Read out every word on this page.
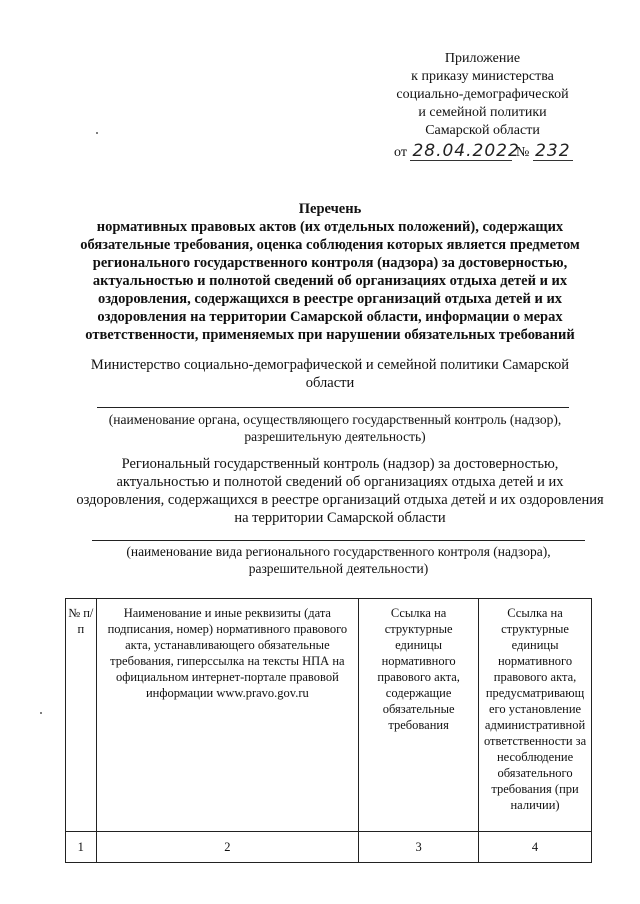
Приложение
к приказу министерства
социально-демографической
и семейной политики
Самарской области
от 28.04.2022 № 232
Перечень
нормативных правовых актов (их отдельных положений), содержащих обязательные требования, оценка соблюдения которых является предметом регионального государственного контроля (надзора) за достоверностью, актуальностью и полнотой сведений об организациях отдыха детей и их оздоровления, содержащихся в реестре организаций отдыха детей и их оздоровления на территории Самарской области, информации о мерах ответственности, применяемых при нарушении обязательных требований
Министерство социально-демографической и семейной политики Самарской области
(наименование органа, осуществляющего государственный контроль (надзор), разрешительную деятельность)
Региональный государственный контроль (надзор) за достоверностью, актуальностью и полнотой сведений об организациях отдыха детей и их оздоровления, содержащихся в реестре организаций отдыха детей и их оздоровления на территории Самарской области
(наименование вида регионального государственного контроля (надзора), разрешительной деятельности)
№ п/п	Наименование и иные реквизиты (дата подписания, номер) нормативного правового акта, устанавливающего обязательные требования, гиперссылка на тексты НПА на официальном интернет-портале правовой информации www.pravo.gov.ru	Ссылка на структурные единицы нормативного правового акта, содержащие обязательные требования	Ссылка на структурные единицы нормативного правового акта, предусматривающ его установление административной ответственности за несоблюдение обязательного требования (при наличии)
1	2	3	4
